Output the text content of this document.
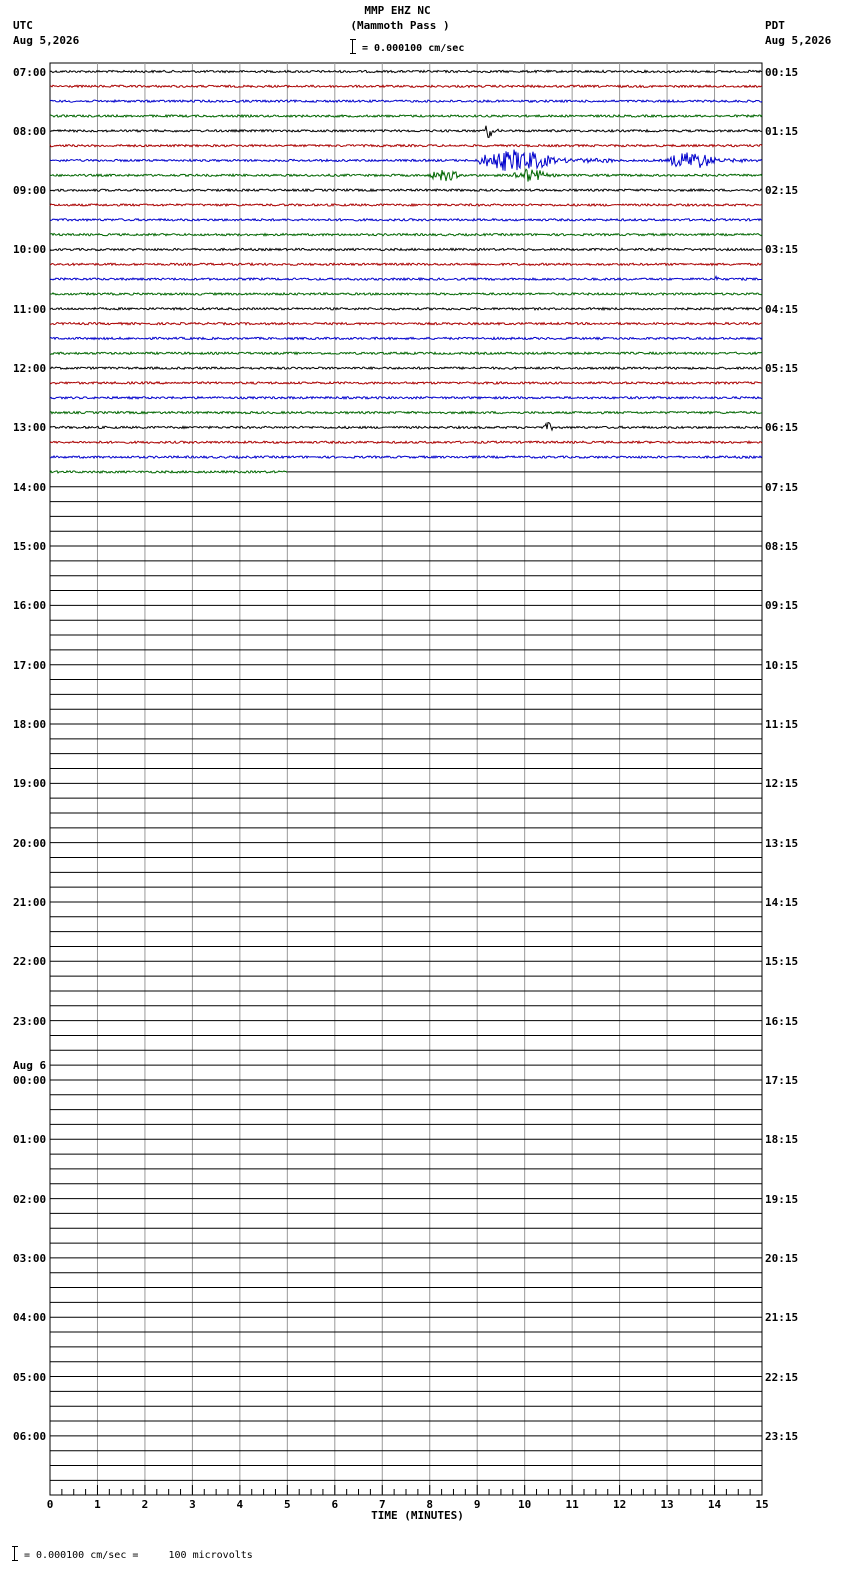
0	1	2	3	4	5	6	7	8	9	10	11	12	13	14	15
MMP EHZ NC
(Mammoth Pass )
= 0.000100 cm/sec
UTC
Aug 5,2026
PDT
Aug 5,2026
TIME (MINUTES)
= 0.000100 cm/sec =     100 microvolts
07:00
08:00
09:00
10:00
11:00
12:00
13:00
14:00
15:00
16:00
17:00
18:00
19:00
20:00
21:00
22:00
23:00
Aug 6
00:00
01:00
02:00
03:00
04:00
05:00
06:00
00:15
01:15
02:15
03:15
04:15
05:15
06:15
07:15
08:15
09:15
10:15
11:15
12:15
13:15
14:15
15:15
16:15
17:15
18:15
19:15
20:15
21:15
22:15
23:15
